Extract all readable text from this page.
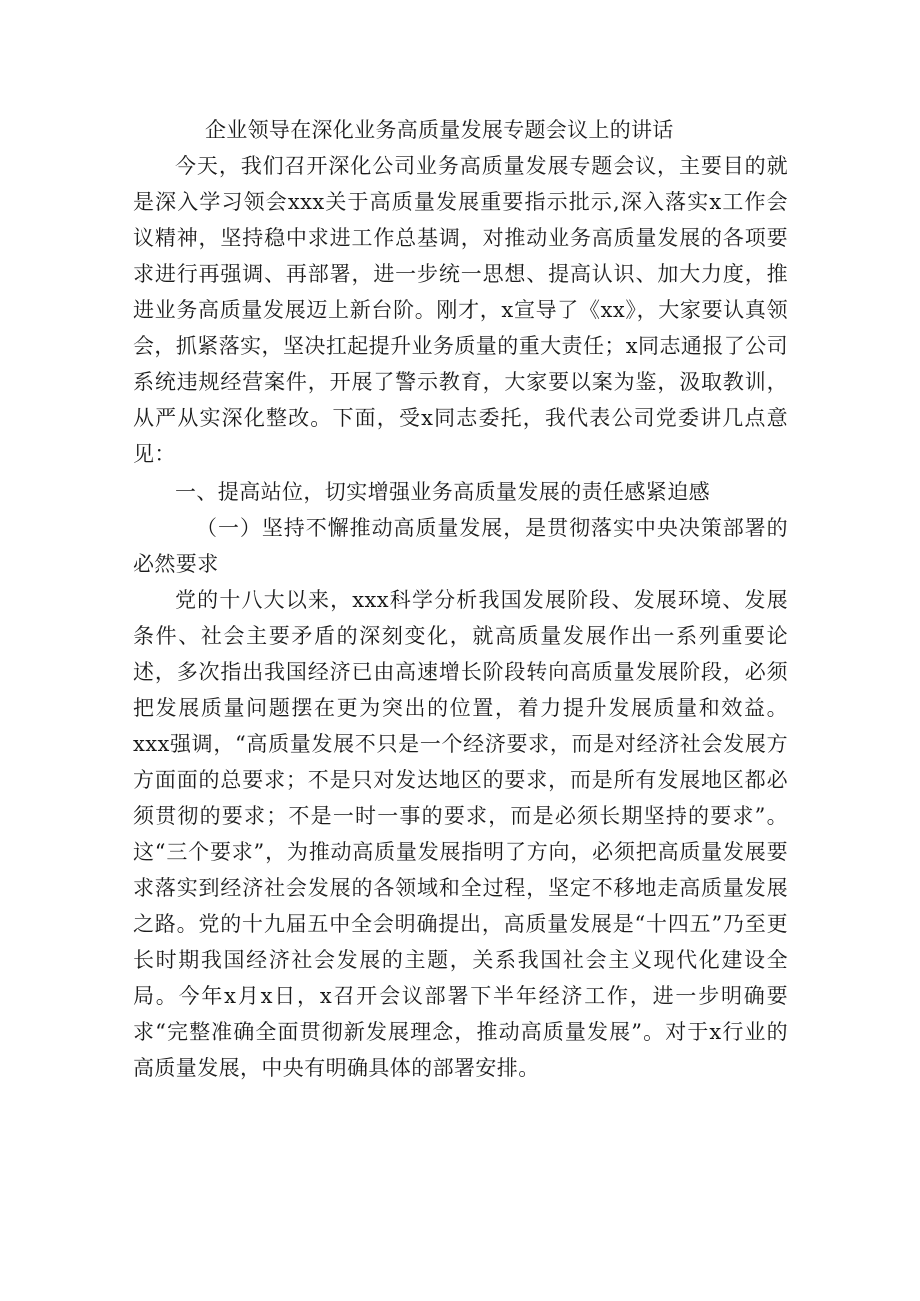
企业领导在深化业务高质量发展专题会议上的讲话

今天，我们召开深化公司业务高质量发展专题会议，主要目的就是深入学习领会xxx关于高质量发展重要指示批示,深入落实x工作会议精神，坚持稳中求进工作总基调，对推动业务高质量发展的各项要求进行再强调、再部署，进一步统一思想、提高认识、加大力度，推进业务高质量发展迈上新台阶。刚才，x宣导了《xx》，大家要认真领会，抓紧落实，坚决扛起提升业务质量的重大责任；x同志通报了公司系统违规经营案件，开展了警示教育，大家要以案为鉴，汲取教训，从严从实深化整改。下面，受x同志委托，我代表公司党委讲几点意见：

一、提高站位，切实增强业务高质量发展的责任感紧迫感

（一）坚持不懈推动高质量发展，是贯彻落实中央决策部署的必然要求

党的十八大以来，xxx科学分析我国发展阶段、发展环境、发展条件、社会主要矛盾的深刻变化，就高质量发展作出一系列重要论述，多次指出我国经济已由高速增长阶段转向高质量发展阶段，必须把发展质量问题摆在更为突出的位置，着力提升发展质量和效益。xxx强调，“高质量发展不只是一个经济要求，而是对经济社会发展方方面面的总要求；不是只对发达地区的要求，而是所有发展地区都必须贯彻的要求；不是一时一事的要求，而是必须长期坚持的要求”。这“三个要求”，为推动高质量发展指明了方向，必须把高质量发展要求落实到经济社会发展的各领域和全过程，坚定不移地走高质量发展之路。党的十九届五中全会明确提出，高质量发展是“十四五”乃至更长时期我国经济社会发展的主题，关系我国社会主义现代化建设全局。今年x月x日，x召开会议部署下半年经济工作，进一步明确要求“完整准确全面贯彻新发展理念，推动高质量发展”。对于x行业的高质量发展，中央有明确具体的部署安排。
